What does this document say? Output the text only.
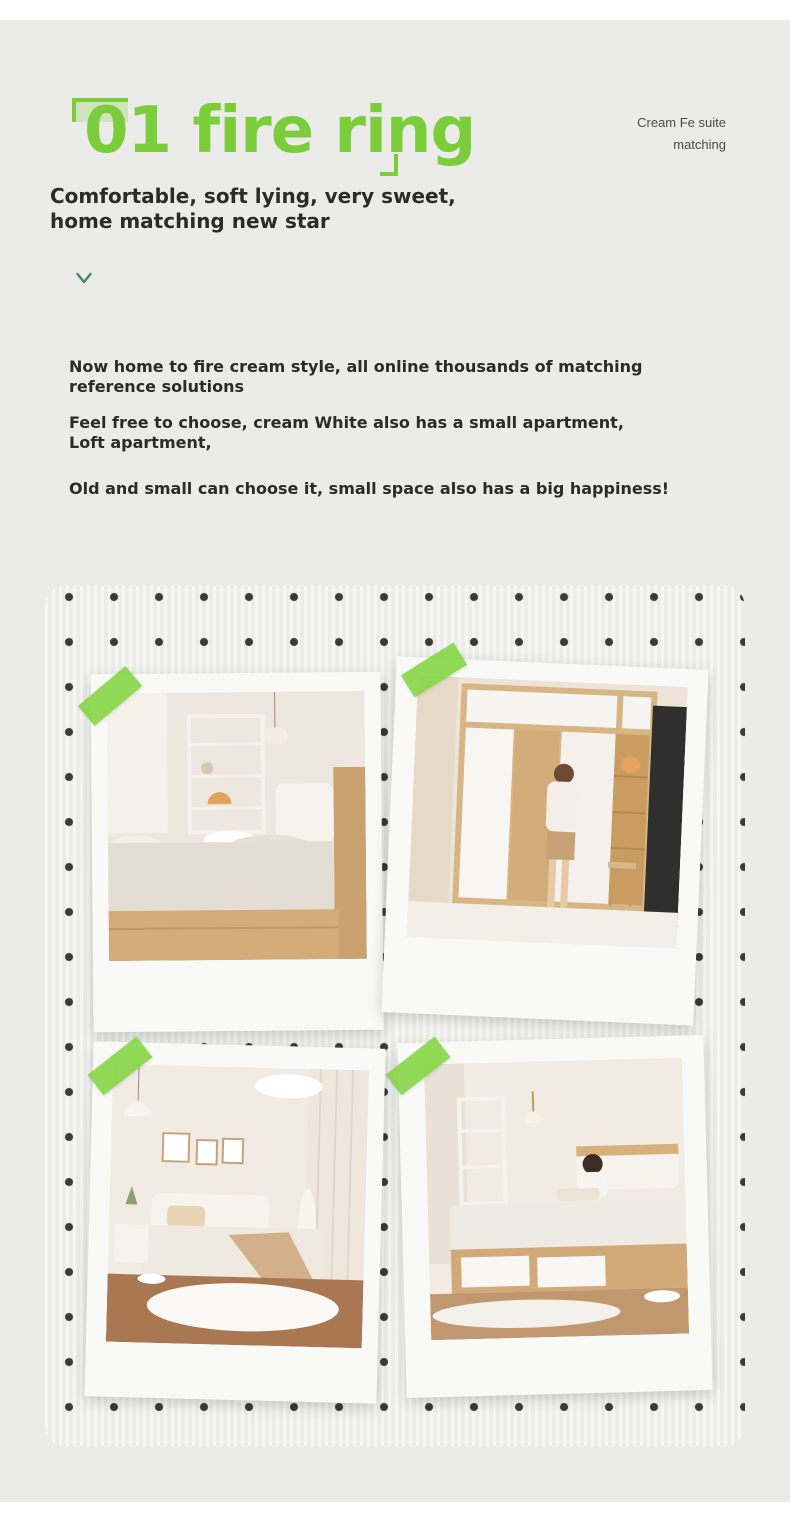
01 fire ring	Cream Fe suite
matching
Comfortable, soft lying, very sweet, home matching new star

Now home to fire cream style, all online thousands of matching reference solutions

Feel free to choose, cream White also has a small apartment, Loft apartment,

Old and small can choose it, small space also has a big happiness!
